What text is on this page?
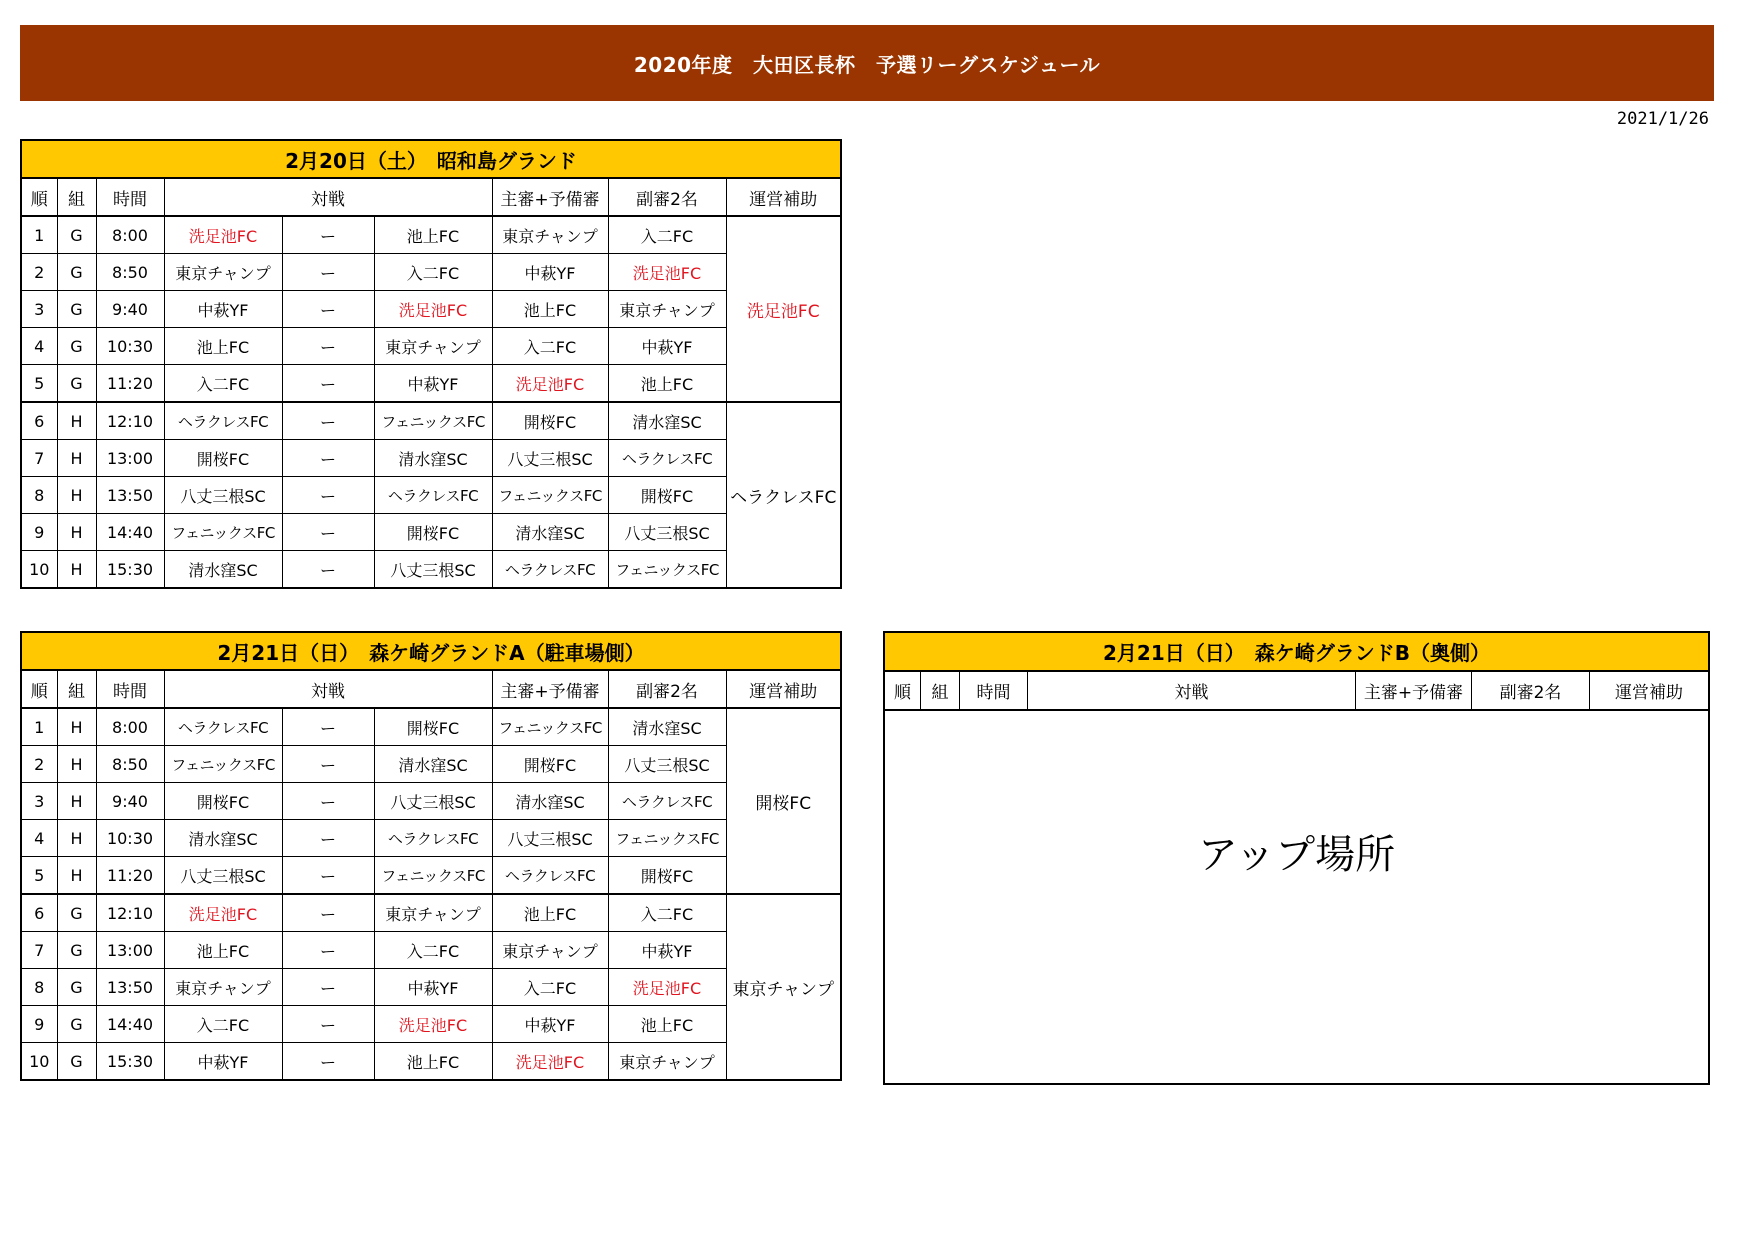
2020年度　大田区長杯　予選リーグスケジュール
2021/1/26
2月20日（土）　昭和島グランド								
順	組	時間	対戦			主審+予備審	副審2名	運営補助
1	G	8:00	洗足池FC	ー	池上FC	東京チャンプ	入二FC	洗足池FC
2	G	8:50	東京チャンプ	ー	入二FC	中萩YF	洗足池FC	
3	G	9:40	中萩YF	ー	洗足池FC	池上FC	東京チャンプ	
4	G	10:30	池上FC	ー	東京チャンプ	入二FC	中萩YF	
5	G	11:20	入二FC	ー	中萩YF	洗足池FC	池上FC	
6	H	12:10	ヘラクレスFC	ー	フェニックスFC	開桜FC	清水窪SC	ヘラクレスFC
7	H	13:00	開桜FC	ー	清水窪SC	八丈三根SC	ヘラクレスFC	
8	H	13:50	八丈三根SC	ー	ヘラクレスFC	フェニックスFC	開桜FC	
9	H	14:40	フェニックスFC	ー	開桜FC	清水窪SC	八丈三根SC	
10	H	15:30	清水窪SC	ー	八丈三根SC	ヘラクレスFC	フェニックスFC	
2月21日（日）　森ケ崎グランドA（駐車場側）								
順	組	時間	対戦			主審+予備審	副審2名	運営補助
1	H	8:00	ヘラクレスFC	ー	開桜FC	フェニックスFC	清水窪SC	開桜FC
2	H	8:50	フェニックスFC	ー	清水窪SC	開桜FC	八丈三根SC	
3	H	9:40	開桜FC	ー	八丈三根SC	清水窪SC	ヘラクレスFC	
4	H	10:30	清水窪SC	ー	ヘラクレスFC	八丈三根SC	フェニックスFC	
5	H	11:20	八丈三根SC	ー	フェニックスFC	ヘラクレスFC	開桜FC	
6	G	12:10	洗足池FC	ー	東京チャンプ	池上FC	入二FC	東京チャンプ
7	G	13:00	池上FC	ー	入二FC	東京チャンプ	中萩YF	
8	G	13:50	東京チャンプ	ー	中萩YF	入二FC	洗足池FC	
9	G	14:40	入二FC	ー	洗足池FC	中萩YF	池上FC	
10	G	15:30	中萩YF	ー	池上FC	洗足池FC	東京チャンプ	
2月21日（日）　森ケ崎グランドB（奥側）
順	組	時間	対戦	主審+予備審	副審2名	運営補助
アップ場所
